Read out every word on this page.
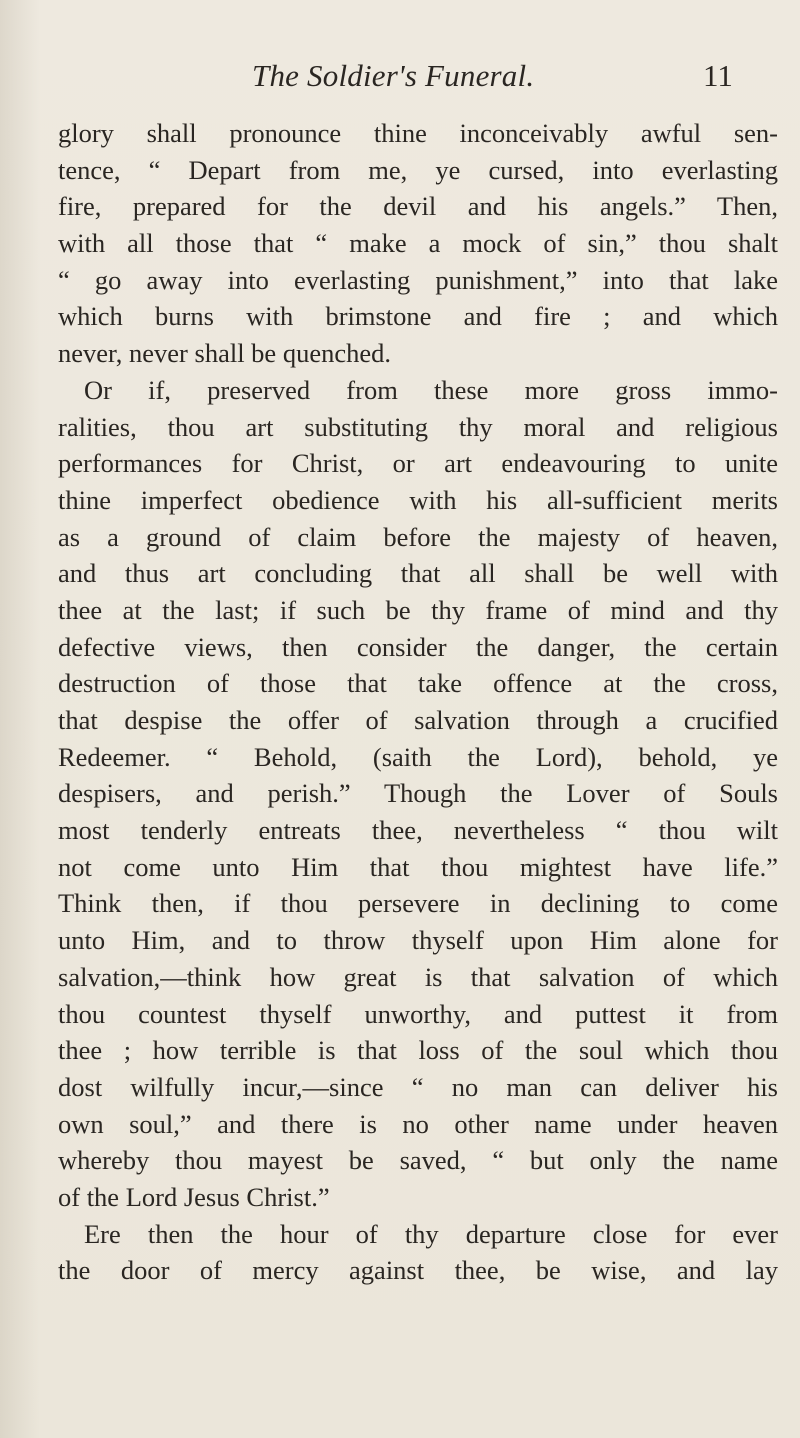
The Soldier's Funeral.	11
glory shall pronounce thine inconceivably awful sen-
tence, “ Depart from me, ye cursed, into everlasting
fire, prepared for the devil and his angels.” Then,
with all those that “ make a mock of sin,” thou shalt
“ go away into everlasting punishment,” into that lake
which burns with brimstone and fire ; and which
never, never shall be quenched.
Or if, preserved from these more gross immo-
ralities, thou art substituting thy moral and religious
performances for Christ, or art endeavouring to unite
thine imperfect obedience with his all-sufficient merits
as a ground of claim before the majesty of heaven,
and thus art concluding that all shall be well with
thee at the last; if such be thy frame of mind and thy
defective views, then consider the danger, the certain
destruction of those that take offence at the cross,
that despise the offer of salvation through a crucified
Redeemer. “ Behold, (saith the Lord), behold, ye
despisers, and perish.” Though the Lover of Souls
most tenderly entreats thee, nevertheless “ thou wilt
not come unto Him that thou mightest have life.”
Think then, if thou persevere in declining to come
unto Him, and to throw thyself upon Him alone for
salvation,—think how great is that salvation of which
thou countest thyself unworthy, and puttest it from
thee ; how terrible is that loss of the soul which thou
dost wilfully incur,—since “ no man can deliver his
own soul,” and there is no other name under heaven
whereby thou mayest be saved, “ but only the name
of the Lord Jesus Christ.”
Ere then the hour of thy departure close for ever
the door of mercy against thee, be wise, and lay
